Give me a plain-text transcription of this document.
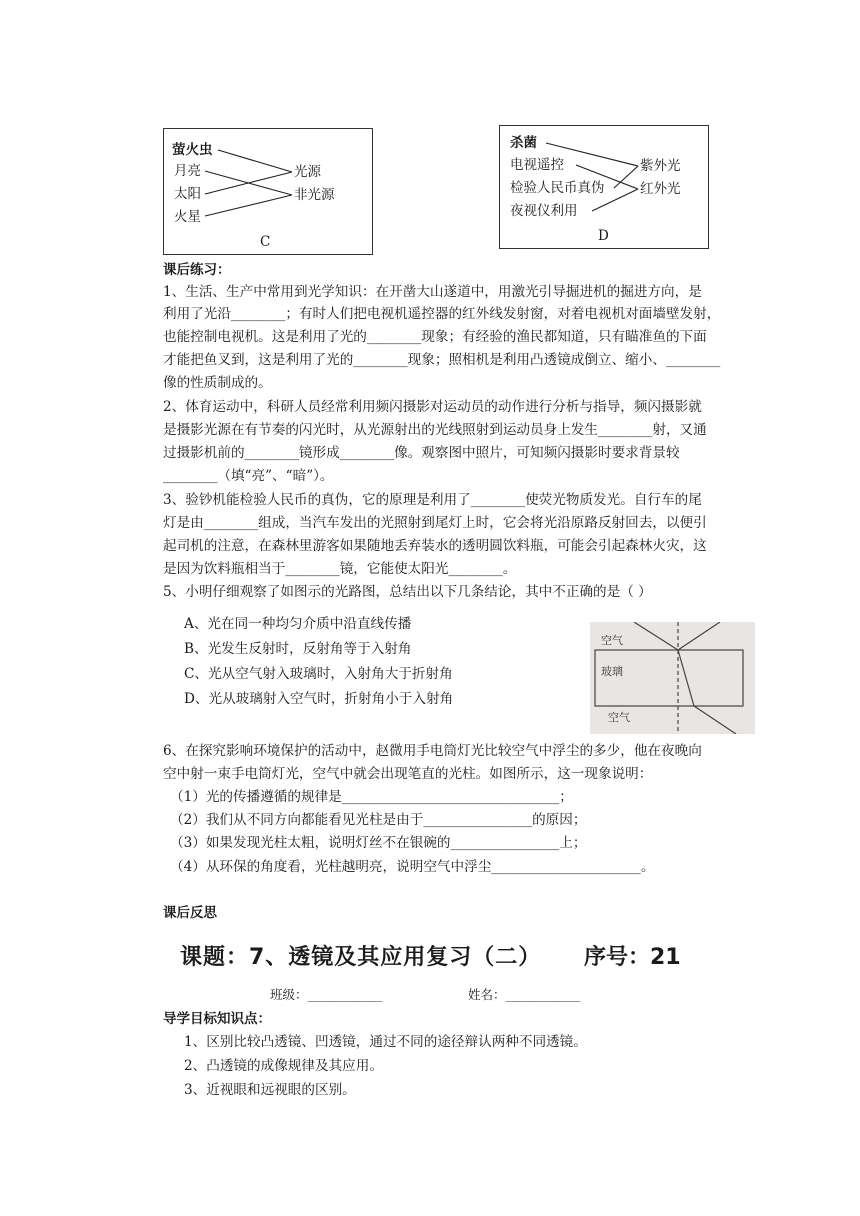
萤火虫
月亮
太阳
火星
光源
非光源
C
杀菌
电视遥控
检验人民币真伪
夜视仪利用
紫外光
红外光
D
课后练习：
1、生活、生产中常用到光学知识：在开凿大山遂道中，用激光引导掘进机的掘进方向，是
利用了光沿________；有时人们把电视机遥控器的红外线发射窗，对着电视机对面墙壁发射，
也能控制电视机。这是利用了光的________现象；有经验的渔民都知道，只有瞄准鱼的下面
才能把鱼叉到，这是利用了光的________现象；照相机是利用凸透镜成倒立、缩小、________
像的性质制成的。
2、体育运动中，科研人员经常利用频闪摄影对运动员的动作进行分析与指导，频闪摄影就
是摄影光源在有节奏的闪光时，从光源射出的光线照射到运动员身上发生________射，又通
过摄影机前的________镜形成________像。观察图中照片，可知频闪摄影时要求背景较
________（填“亮”、“暗”）。
3、验钞机能检验人民币的真伪，它的原理是利用了________使荧光物质发光。自行车的尾
灯是由________组成，当汽车发出的光照射到尾灯上时，它会将光沿原路反射回去，以便引
起司机的注意，在森林里游客如果随地丢弃装水的透明圆饮料瓶，可能会引起森林火灾，这
是因为饮料瓶相当于________镜，它能使太阳光________。
5、小明仔细观察了如图示的光路图，总结出以下几条结论，其中不正确的是（ ）
A、光在同一种均匀介质中沿直线传播
B、光发生反射时，反射角等于入射角
C、光从空气射入玻璃时，入射角大于折射角
D、光从玻璃射入空气时，折射角小于入射角
空气
玻璃
空气
6、在探究影响环境保护的活动中，赵微用手电筒灯光比较空气中浮尘的多少，他在夜晚向
空中射一束手电筒灯光，空气中就会出现笔直的光柱。如图所示，这一现象说明：
（1）光的传播遵循的规律是________________________________；
（2）我们从不同方向都能看见光柱是由于________________的原因；
（3）如果发现光柱太粗，说明灯丝不在银碗的________________上；
（4）从环保的角度看，光柱越明亮，说明空气中浮尘______________________。
课后反思
课题：7、透镜及其应用复习（二） 序号：21
班级：____________	姓名：____________
导学目标知识点：
1、区别比较凸透镜、凹透镜，通过不同的途径辩认两种不同透镜。
2、凸透镜的成像规律及其应用。
3、近视眼和远视眼的区别。
